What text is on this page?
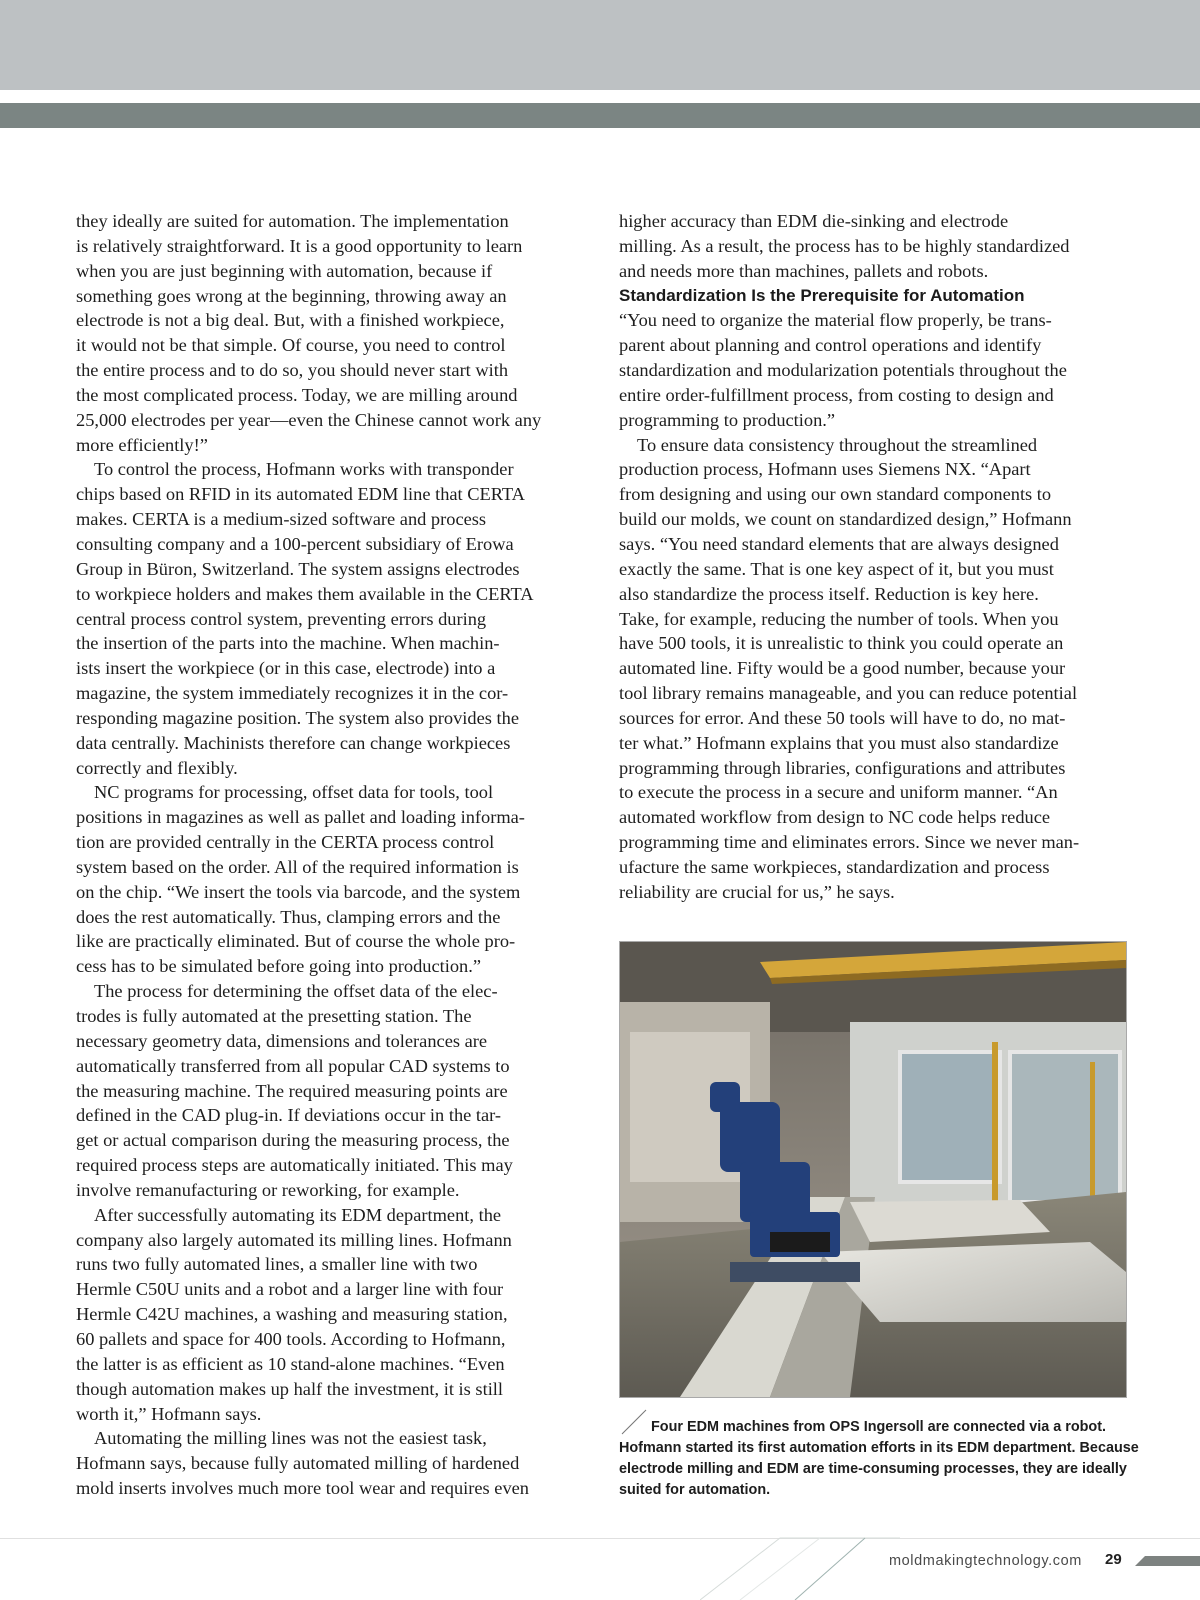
they ideally are suited for automation. The implementation
is relatively straightforward. It is a good opportunity to learn
when you are just beginning with automation, because if
something goes wrong at the beginning, throwing away an
electrode is not a big deal. But, with a finished workpiece,
it would not be that simple. Of course, you need to control
the entire process and to do so, you should never start with
the most complicated process. Today, we are milling around
25,000 electrodes per year—even the Chinese cannot work any
more efficiently!”

To control the process, Hofmann works with transponder
chips based on RFID in its automated EDM line that CERTA
makes. CERTA is a medium-sized software and process
consulting company and a 100-percent subsidiary of Erowa
Group in Büron, Switzerland. The system assigns electrodes
to workpiece holders and makes them available in the CERTA
central process control system, preventing errors during
the insertion of the parts into the machine. When machin-
ists insert the workpiece (or in this case, electrode) into a
magazine, the system immediately recognizes it in the cor-
responding magazine position. The system also provides the
data centrally. Machinists therefore can change workpieces
correctly and flexibly.

NC programs for processing, offset data for tools, tool
positions in magazines as well as pallet and loading informa-
tion are provided centrally in the CERTA process control
system based on the order. All of the required information is
on the chip. “We insert the tools via barcode, and the system
does the rest automatically. Thus, clamping errors and the
like are practically eliminated. But of course the whole pro-
cess has to be simulated before going into production.”

The process for determining the offset data of the elec-
trodes is fully automated at the presetting station. The
necessary geometry data, dimensions and tolerances are
automatically transferred from all popular CAD systems to
the measuring machine. The required measuring points are
defined in the CAD plug-in. If deviations occur in the tar-
get or actual comparison during the measuring process, the
required process steps are automatically initiated. This may
involve remanufacturing or reworking, for example.

After successfully automating its EDM department, the
company also largely automated its milling lines. Hofmann
runs two fully automated lines, a smaller line with two
Hermle C50U units and a robot and a larger line with four
Hermle C42U machines, a washing and measuring station,
60 pallets and space for 400 tools. According to Hofmann,
the latter is as efficient as 10 stand-alone machines. “Even
though automation makes up half the investment, it is still
worth it,” Hofmann says.

Automating the milling lines was not the easiest task,
Hofmann says, because fully automated milling of hardened
mold inserts involves much more tool wear and requires even

higher accuracy than EDM die-sinking and electrode
milling. As a result, the process has to be highly standardized
and needs more than machines, pallets and robots.

Standardization Is the Prerequisite for Automation

“You need to organize the material flow properly, be trans-
parent about planning and control operations and identify
standardization and modularization potentials throughout the
entire order-fulfillment process, from costing to design and
programming to production.”

To ensure data consistency throughout the streamlined
production process, Hofmann uses Siemens NX. “Apart
from designing and using our own standard components to
build our molds, we count on standardized design,” Hofmann
says. “You need standard elements that are always designed
exactly the same. That is one key aspect of it, but you must
also standardize the process itself. Reduction is key here.
Take, for example, reducing the number of tools. When you
have 500 tools, it is unrealistic to think you could operate an
automated line. Fifty would be a good number, because your
tool library remains manageable, and you can reduce potential
sources for error. And these 50 tools will have to do, no mat-
ter what.” Hofmann explains that you must also standardize
programming through libraries, configurations and attributes
to execute the process in a secure and uniform manner. “An
automated workflow from design to NC code helps reduce
programming time and eliminates errors. Since we never man-
ufacture the same workpieces, standardization and process
reliability are crucial for us,” he says.

Four EDM machines from OPS Ingersoll are connected via a robot.
Hofmann started its first automation efforts in its EDM department. Because
electrode milling and EDM are time-consuming processes, they are ideally
suited for automation.
moldmakingtechnology.com 29
